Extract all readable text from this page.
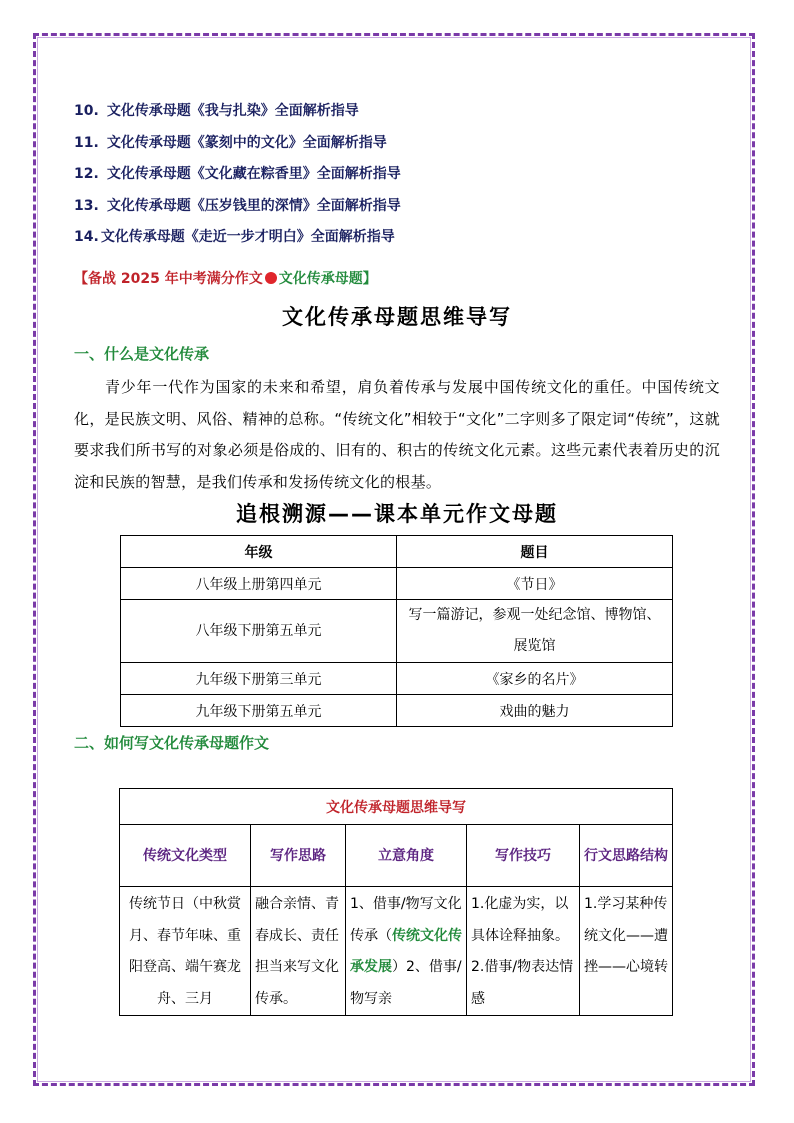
10. 文化传承母题《我与扎染》全面解析指导
11. 文化传承母题《篆刻中的文化》全面解析指导
12. 文化传承母题《文化藏在粽香里》全面解析指导
13. 文化传承母题《压岁钱里的深情》全面解析指导
14. 文化传承母题《走近一步才明白》全面解析指导
【备战 2025 年中考满分作文 文化传承母题】
文化传承母题思维导写
一、什么是文化传承
青少年一代作为国家的未来和希望，肩负着传承与发展中国传统文化的重任。中国传统文化，是民族文明、风俗、精神的总称。“传统文化”相较于“文化”二字则多了限定词“传统”，这就要求我们所书写的对象必须是俗成的、旧有的、积古的传统文化元素。这些元素代表着历史的沉淀和民族的智慧，是我们传承和发扬传统文化的根基。
追根溯源——课本单元作文母题
年级	题目
八年级上册第四单元	《节日》
八年级下册第五单元	写一篇游记，参观一处纪念馆、博物馆、展览馆
九年级下册第三单元	《家乡的名片》
九年级下册第五单元	戏曲的魅力
二、如何写文化传承母题作文
文化传承母题思维导写				
传统文化类型	写作思路	立意角度	写作技巧	行文思路结构
传统节日（中秋赏月、春节年味、重阳登高、端午赛龙舟、三月	融合亲情、青春成长、责任担当来写文化传承。	1、借事/物写文化传承（传统文化传承发展）2、借事/物写亲	1.化虚为实，以具体诠释抽象。2.借事/物表达情感	1.学习某种传统文化——遭挫——心境转
